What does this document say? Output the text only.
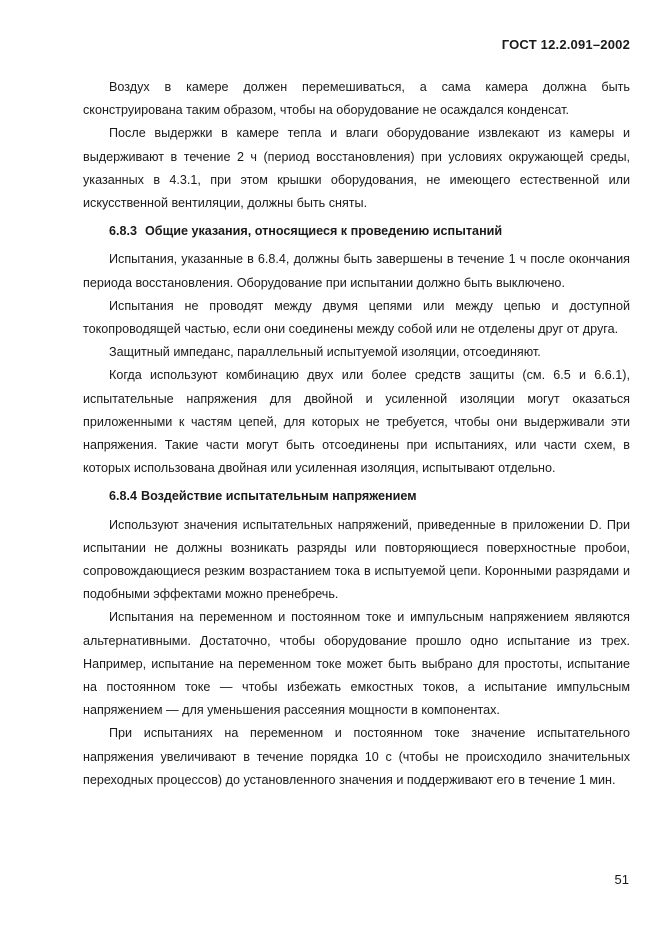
ГОСТ 12.2.091–2002

Воздух в камере должен перемешиваться, а сама камера должна быть сконструирована таким образом, чтобы на оборудование не осаждался конденсат.

После выдержки в камере тепла и влаги оборудование извлекают из камеры и выдерживают в течение 2 ч (период восстановления) при условиях окружающей среды, указанных в 4.3.1, при этом крышки оборудования, не имеющего естественной или искусственной вентиляции, должны быть сняты.

6.8.3 Общие указания, относящиеся к проведению испытаний

Испытания, указанные в 6.8.4, должны быть завершены в течение 1 ч после окончания периода восстановления. Оборудование при испытании должно быть выключено.

Испытания не проводят между двумя цепями или между цепью и доступной токопроводящей частью, если они соединены между собой или не отделены друг от друга.

Защитный импеданс, параллельный испытуемой изоляции, отсоединяют.

Когда используют комбинацию двух или более средств защиты (см. 6.5 и 6.6.1), испытательные напряжения для двойной и усиленной изоляции могут оказаться приложенными к частям цепей, для которых не требуется, чтобы они выдерживали эти напряжения. Такие части могут быть отсоединены при испытаниях, или части схем, в которых использована двойная или усиленная изоляция, испытывают отдельно.

6.8.4 Воздействие испытательным напряжением

Используют значения испытательных напряжений, приведенные в приложении D. При испытании не должны возникать разряды или повторяющиеся поверхностные пробои, сопровождающиеся резким возрастанием тока в испытуемой цепи. Коронными разрядами и подобными эффектами можно пренебречь.

Испытания на переменном и постоянном токе и импульсным напряжением являются альтернативными. Достаточно, чтобы оборудование прошло одно испытание из трех. Например, испытание на переменном токе может быть выбрано для простоты, испытание на постоянном токе — чтобы избежать емкостных токов, а испытание импульсным напряжением — для уменьшения рассеяния мощности в компонентах.

При испытаниях на переменном и постоянном токе значение испытательного напряжения увеличивают в течение порядка 10 с (чтобы не происходило значительных переходных процессов) до установленного значения и поддерживают его в течение 1 мин.

51
